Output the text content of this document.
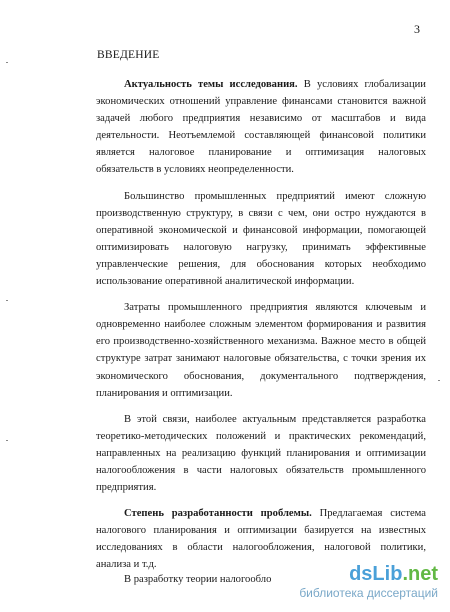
3
ВВЕДЕНИЕ

Актуальность темы исследования. В условиях глобализации экономических отношений управление финансами становится важной задачей любого предприятия независимо от масштабов и вида деятельности. Неотъемлемой составляющей финансовой политики является налоговое планирование и оптимизация налоговых обязательств в условиях неопределенности.

Большинство промышленных предприятий имеют сложную производственную структуру, в связи с чем, они остро нуждаются в оперативной экономической и финансовой информации, помогающей оптимизировать налоговую нагрузку, принимать эффективные управленческие решения, для обоснования которых необходимо использование оперативной аналитической информации.

Затраты промышленного предприятия являются ключевым и одновременно наиболее сложным элементом формирования и развития его производственно-хозяйственного механизма. Важное место в общей структуре затрат занимают налоговые обязательства, с точки зрения их экономического обоснования, документального подтверждения, планирования и оптимизации.

В этой связи, наиболее актуальным представляется разработка теоретико-методических положений и практических рекомендаций, направленных на реализацию функций планирования и оптимизации налогообложения в части налоговых обязательств промышленного предприятия.

Степень разработанности проблемы. Предлагаемая система налогового планирования и оптимизации базируется на известных исследованиях в области налогообложения, налоговой политики, анализа и т.д.

В разработку теории налогообло	dsLib.net
библиотека диссертаций
